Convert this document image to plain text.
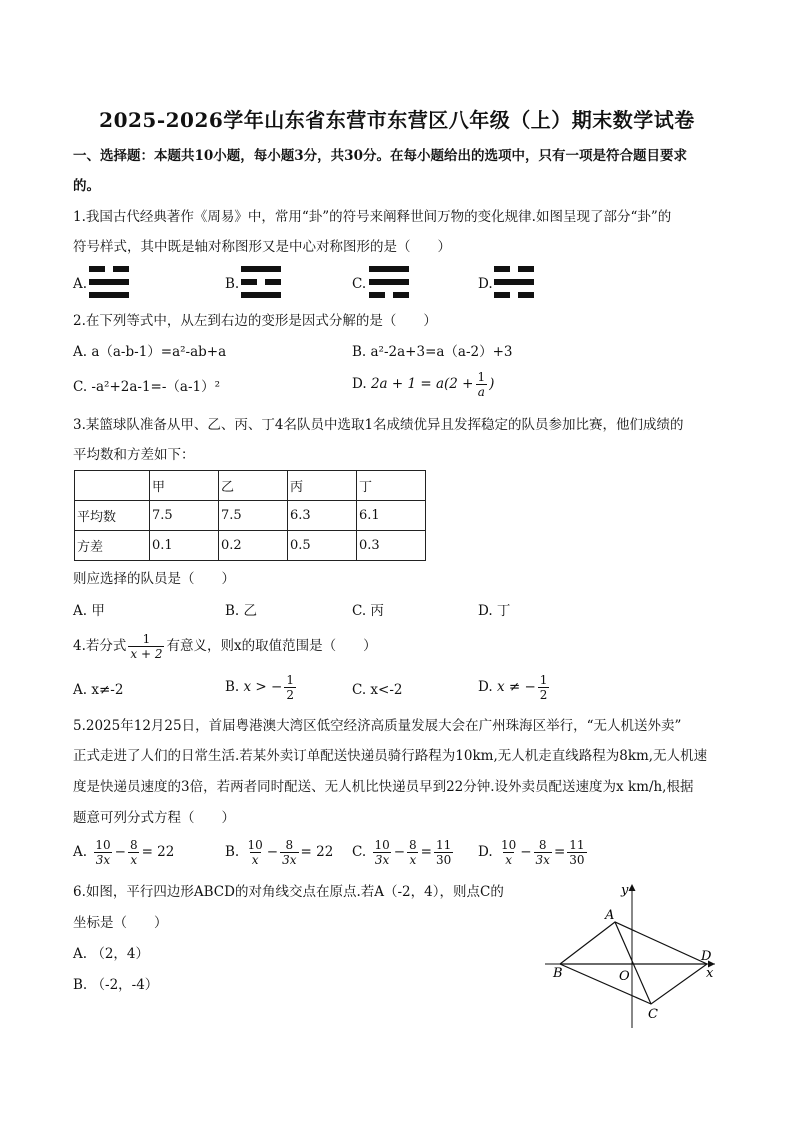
2025-2026学年山东省东营市东营区八年级（上）期末数学试卷
一、选择题：本题共10小题，每小题3分，共30分。在每小题给出的选项中，只有一项是符合题目要求
的。
1.我国古代经典著作《周易》中，常用“卦”的符号来阐释世间万物的变化规律.如图呈现了部分“卦”的
符号样式，其中既是轴对称图形又是中心对称图形的是（　　）
A.	B.	C.	D.
2.在下列等式中，从左到右边的变形是因式分解的是（　　）
A. a（a-b-1）=a²-ab+a	B. a²-2a+3=a（a-2）+3
C. -a²+2a-1=-（a-1）²	D. $2a + 1 = a(2 + \frac{1}{a}$ )
3.某篮球队准备从甲、乙、丙、丁4名队员中选取1名成绩优异且发挥稳定的队员参加比赛，他们成绩的
平均数和方差如下：
	甲	乙	丙	丁
平均数	7.5	7.5	6.3	6.1
方差	0.1	0.2	0.5	0.3
则应选择的队员是（　　）
A. 甲	B. 乙	C. 丙	D. 丁
4.若分式 $\frac{1}{x + 2}$ 有意义，则x的取值范围是（　　）
A. x≠-2	B. x > − $\frac{1}{2}$	C. x<-2	D. x ≠ − $\frac{1}{2}$
5.2025年12月25日，首届粤港澳大湾区低空经济高质量发展大会在广州珠海区举行，“无人机送外卖”
正式走进了人们的日常生活.若某外卖订单配送快递员骑行路程为10km,无人机走直线路程为8km,无人机速
度是快递员速度的3倍，若两者同时配送、无人机比快递员早到22分钟.设外卖员配送速度为x km/h,根据
题意可列分式方程（　　）
A. $\frac{10}{3x} - \frac{8}{x} = 22$	B. $\frac{10}{x} - \frac{8}{3x} = 22$ C. $\frac{10}{3x} - \frac{8}{x} = \frac{11}{30} D$. $\frac{10}{x} - \frac{8}{3x} = \frac{11}{30}$
6.如图，平行四边形ABCD的对角线交点在原点.若A（-2，4），则点C的
坐标是（　　）
A. （2，4）
B. （-2，-4）
y
x
A
B
C
D
O
